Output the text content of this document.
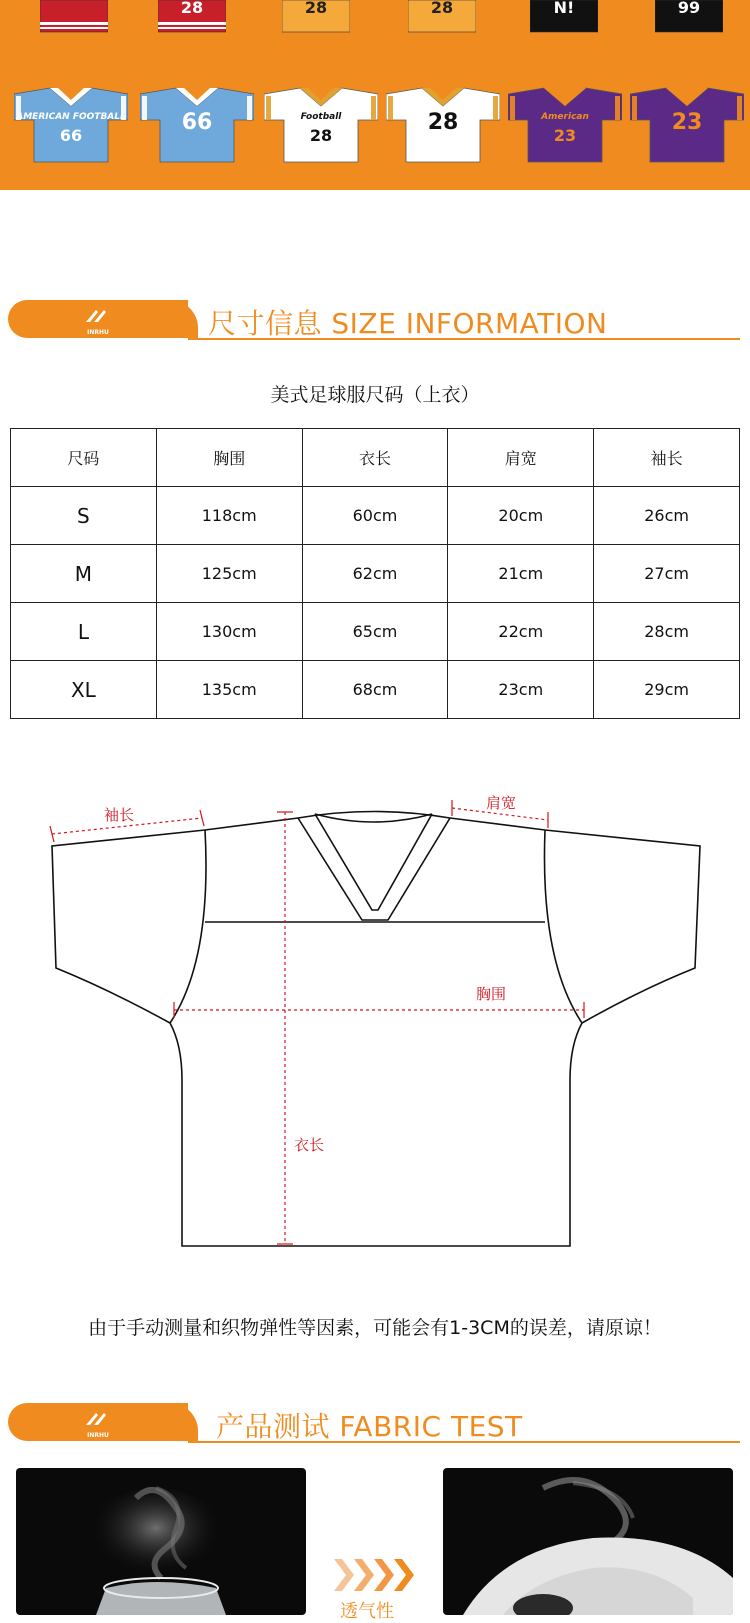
28	28	28	N!	99
AMERICAN FOOTBALL
66
66	Football
28
28	American
23
23
INRHU	尺寸信息 SIZE INFORMATION
美式足球服尺码（上衣）
尺码	胸围	衣长	肩宽	袖长
S	118cm	60cm	20cm	26cm
M	125cm	62cm	21cm	27cm
L	130cm	65cm	22cm	28cm
XL	135cm	68cm	23cm	29cm
袖长
肩宽
胸围
衣长
由于手动测量和织物弹性等因素，可能会有1-3CM的误差，请原谅！
INRHU	产品测试 FABRIC TEST
透气性
